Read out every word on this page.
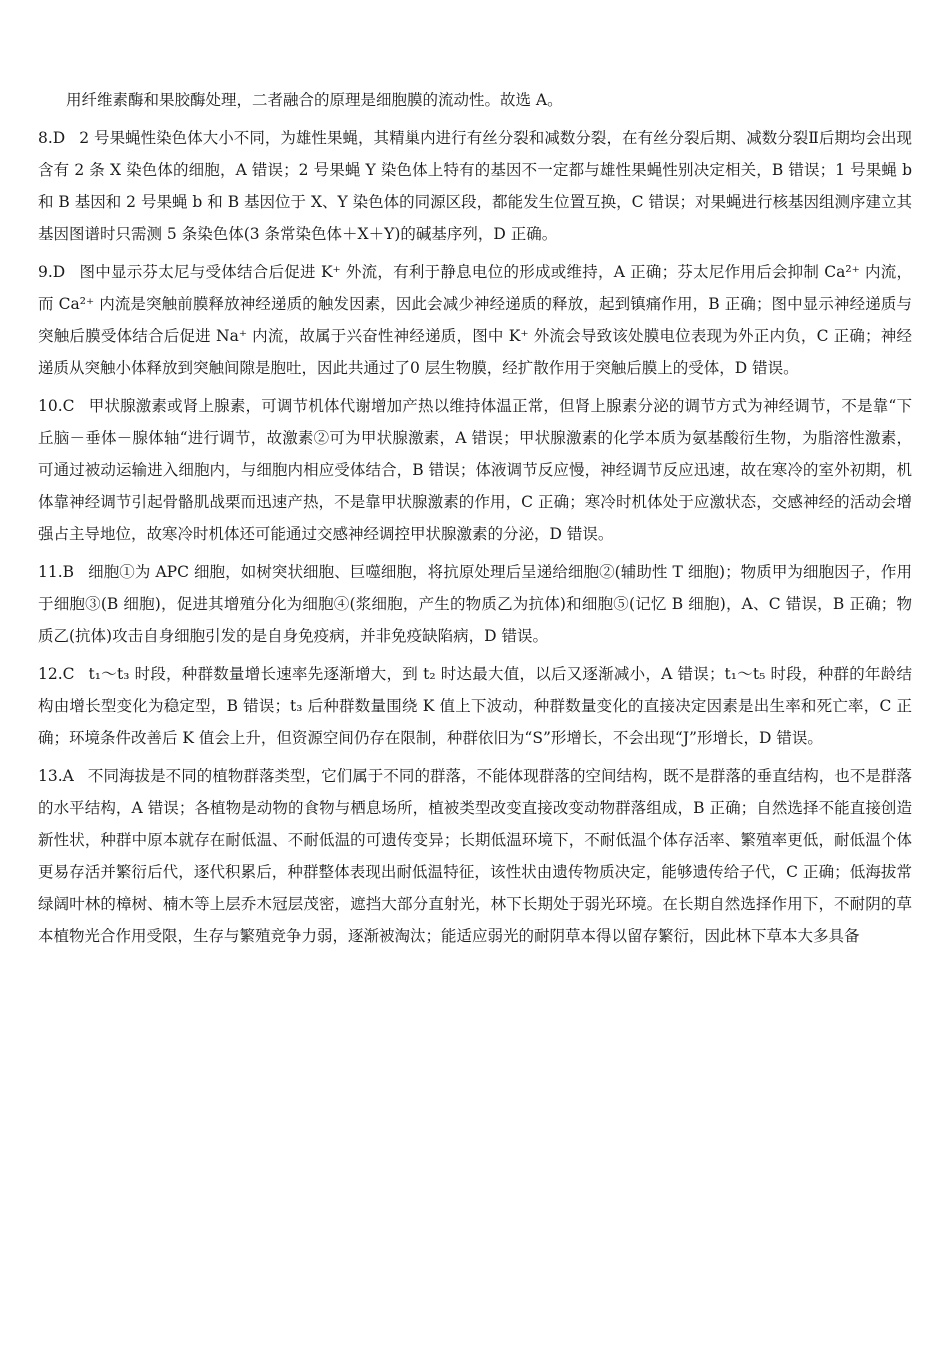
用纤维素酶和果胶酶处理，二者融合的原理是细胞膜的流动性。故选 A。

8.D 2 号果蝇性染色体大小不同，为雄性果蝇，其精巢内进行有丝分裂和减数分裂，在有丝分裂后期、减数分裂Ⅱ后期均会出现含有 2 条 X 染色体的细胞，A 错误；2 号果蝇 Y 染色体上特有的基因不一定都与雄性果蝇性别决定相关，B 错误；1 号果蝇 b 和 B 基因和 2 号果蝇 b 和 B 基因位于 X、Y 染色体的同源区段，都能发生位置互换，C 错误；对果蝇进行核基因组测序建立其基因图谱时只需测 5 条染色体(3 条常染色体＋X＋Y)的碱基序列，D 正确。
9.D 图中显示芬太尼与受体结合后促进 K⁺ 外流，有利于静息电位的形成或维持，A 正确；芬太尼作用后会抑制 Ca²⁺ 内流，而 Ca²⁺ 内流是突触前膜释放神经递质的触发因素，因此会减少神经递质的释放，起到镇痛作用，B 正确；图中显示神经递质与突触后膜受体结合后促进 Na⁺ 内流，故属于兴奋性神经递质，图中 K⁺ 外流会导致该处膜电位表现为外正内负，C 正确；神经递质从突触小体释放到突触间隙是胞吐，因此共通过了0 层生物膜，经扩散作用于突触后膜上的受体，D 错误。
10.C 甲状腺激素或肾上腺素，可调节机体代谢增加产热以维持体温正常，但肾上腺素分泌的调节方式为神经调节，不是靠“下丘脑－垂体－腺体轴“进行调节，故激素②可为甲状腺激素，A 错误；甲状腺激素的化学本质为氨基酸衍生物，为脂溶性激素，可通过被动运输进入细胞内，与细胞内相应受体结合，B 错误；体液调节反应慢，神经调节反应迅速，故在寒冷的室外初期，机体靠神经调节引起骨骼肌战栗而迅速产热，不是靠甲状腺激素的作用，C 正确；寒冷时机体处于应激状态，交感神经的活动会增强占主导地位，故寒冷时机体还可能通过交感神经调控甲状腺激素的分泌，D 错误。
11.B 细胞①为 APC 细胞，如树突状细胞、巨噬细胞，将抗原处理后呈递给细胞②(辅助性 T 细胞)；物质甲为细胞因子，作用于细胞③(B 细胞)，促进其增殖分化为细胞④(浆细胞，产生的物质乙为抗体)和细胞⑤(记忆 B 细胞)，A、C 错误，B 正确；物质乙(抗体)攻击自身细胞引发的是自身免疫病，并非免疫缺陷病，D 错误。
12.C t₁～t₃ 时段，种群数量增长速率先逐渐增大，到 t₂ 时达最大值，以后又逐渐减小，A 错误；t₁～t₅ 时段，种群的年龄结构由增长型变化为稳定型，B 错误；t₃ 后种群数量围绕 K 值上下波动，种群数量变化的直接决定因素是出生率和死亡率，C 正确；环境条件改善后 K 值会上升，但资源空间仍存在限制，种群依旧为“S”形增长，不会出现“J”形增长，D 错误。
13.A 不同海拔是不同的植物群落类型，它们属于不同的群落，不能体现群落的空间结构，既不是群落的垂直结构，也不是群落的水平结构，A 错误；各植物是动物的食物与栖息场所，植被类型改变直接改变动物群落组成，B 正确；自然选择不能直接创造新性状，种群中原本就存在耐低温、不耐低温的可遗传变异；长期低温环境下，不耐低温个体存活率、繁殖率更低，耐低温个体更易存活并繁衍后代，逐代积累后，种群整体表现出耐低温特征，该性状由遗传物质决定，能够遗传给子代，C 正确；低海拔常绿阔叶林的樟树、楠木等上层乔木冠层茂密，遮挡大部分直射光，林下长期处于弱光环境。在长期自然选择作用下，不耐阴的草本植物光合作用受限，生存与繁殖竞争力弱，逐渐被淘汰；能适应弱光的耐阴草本得以留存繁衍，因此林下草本大多具备
